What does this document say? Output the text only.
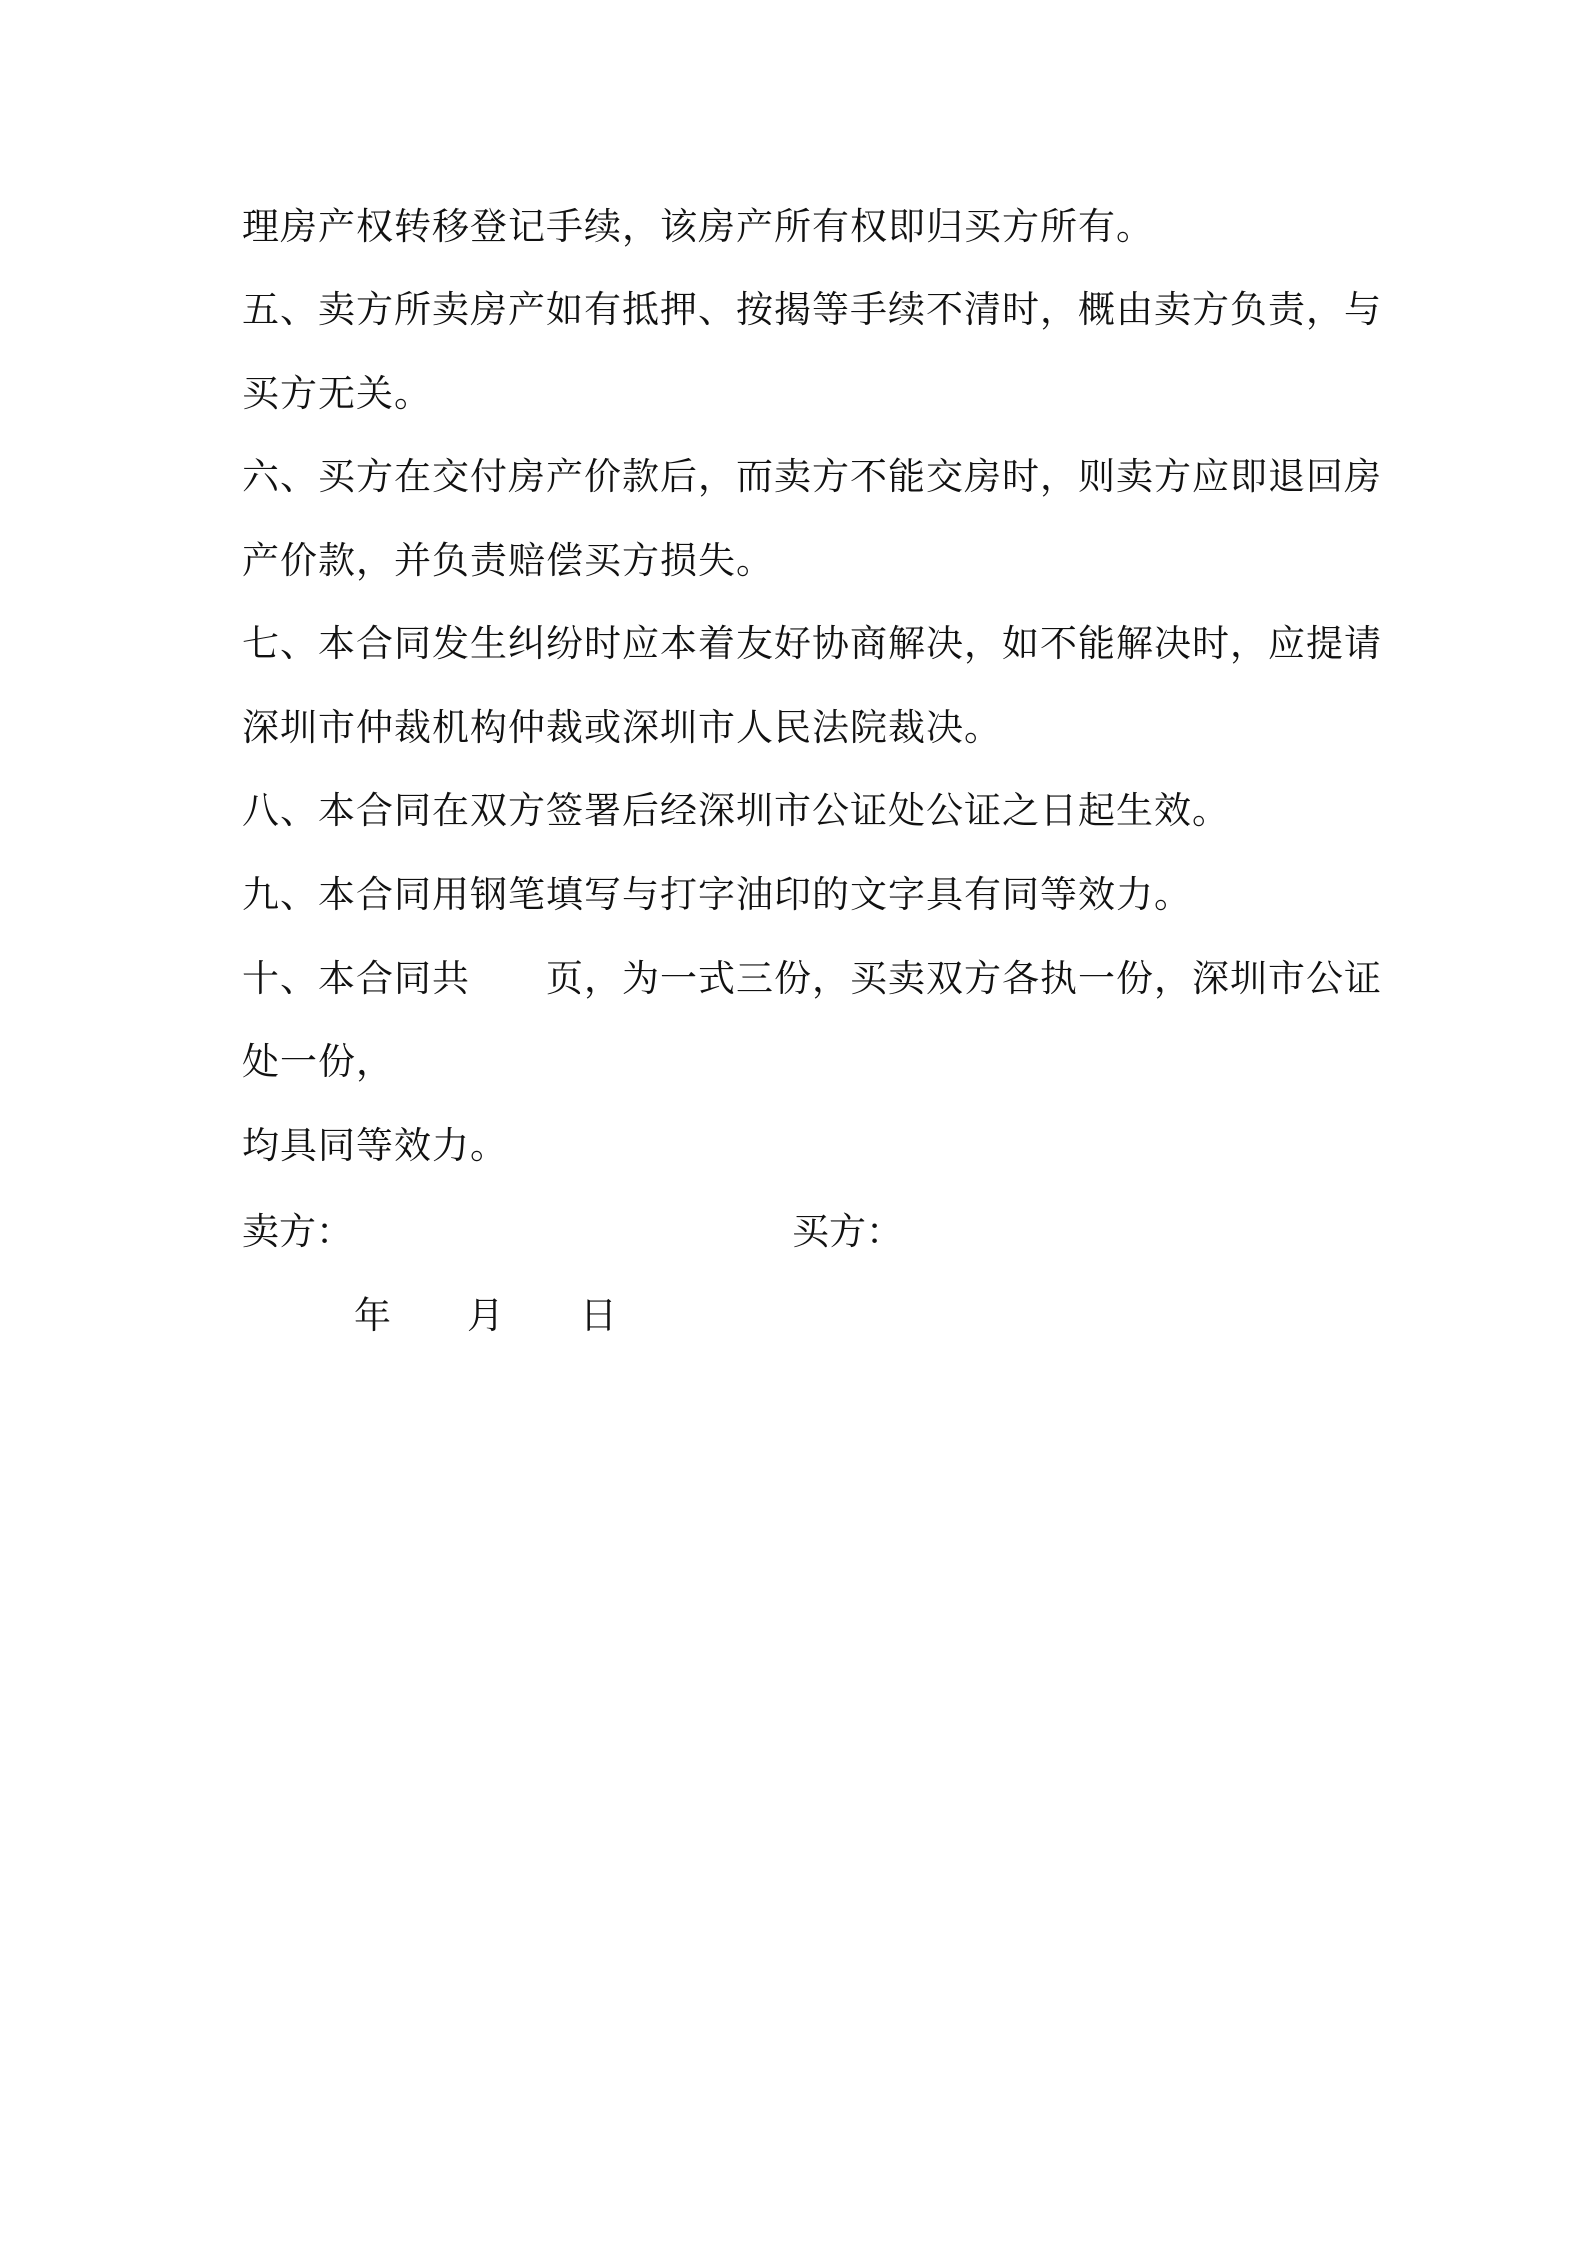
理房产权转移登记手续，该房产所有权即归买方所有。
五、卖方所卖房产如有抵押、按揭等手续不清时，概由卖方负责，与
买方无关。
六、买方在交付房产价款后，而卖方不能交房时，则卖方应即退回房
产价款，并负责赔偿买方损失。
七、本合同发生纠纷时应本着友好协商解决，如不能解决时，应提请
深圳市仲裁机构仲裁或深圳市人民法院裁决。
八、本合同在双方签署后经深圳市公证处公证之日起生效。
九、本合同用钢笔填写与打字油印的文字具有同等效力。
十、本合同共 页，为一式三份，买卖双方各执一份，深圳市公证
处一份，
均具同等效力。
卖方：	买方：
年 月 日
